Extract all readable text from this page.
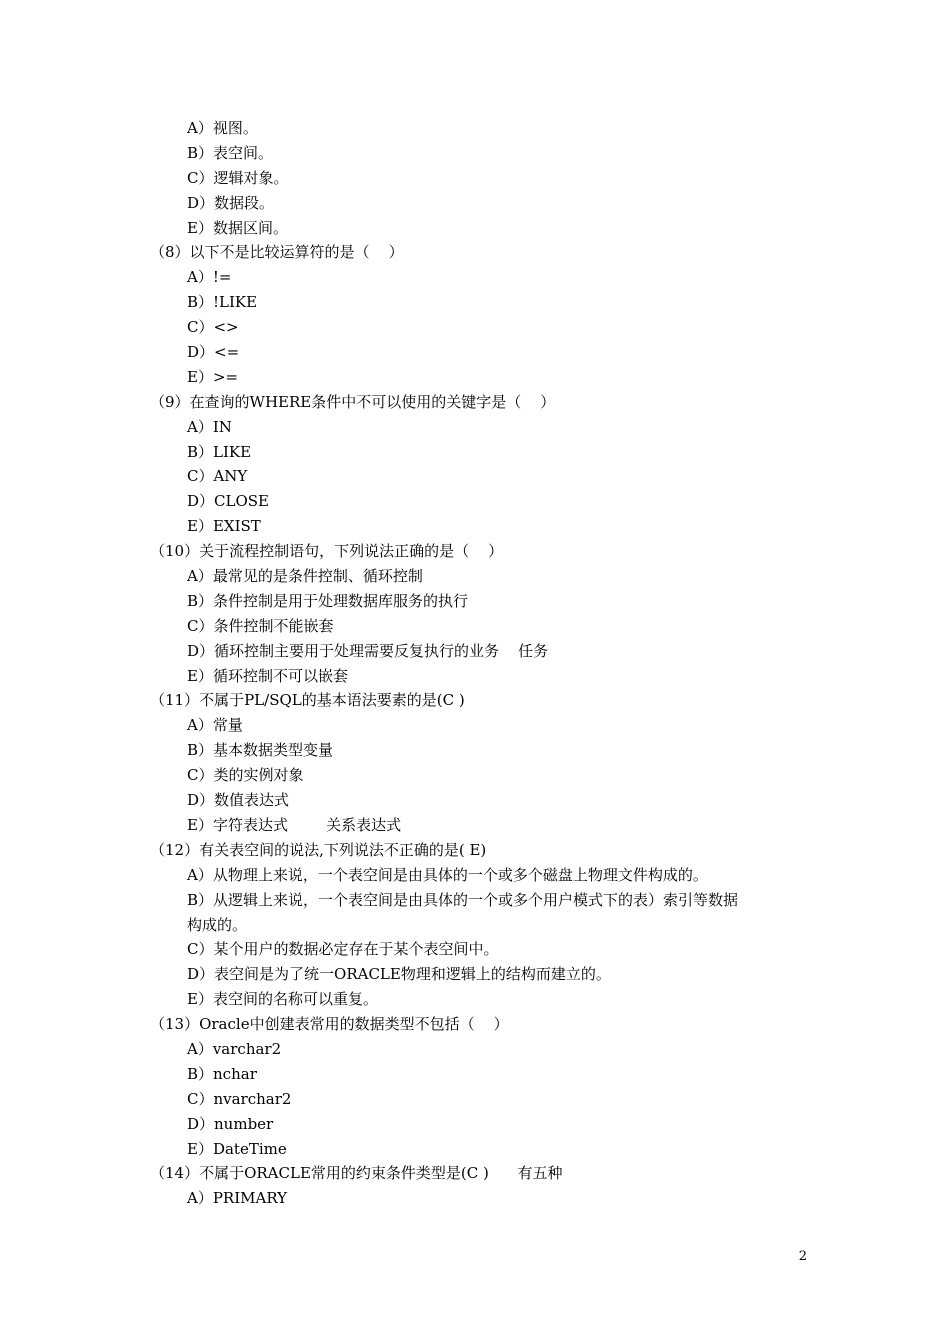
A）视图。
B）表空间。
C）逻辑对象。
D）数据段。
E）数据区间。
（8）以下不是比较运算符的是（    ）
A）!=
B）!LIKE
C）<>
D）<=
E）>=
（9）在查询的WHERE条件中不可以使用的关键字是（    ）
A）IN
B）LIKE
C）ANY
D）CLOSE
E）EXIST
（10）关于流程控制语句，下列说法正确的是（    ）
A）最常见的是条件控制、循环控制
B）条件控制是用于处理数据库服务的执行
C）条件控制不能嵌套
D）循环控制主要用于处理需要反复执行的业务    任务
E）循环控制不可以嵌套
（11）不属于PL/SQL的基本语法要素的是(C )
A）常量
B）基本数据类型变量
C）类的实例对象
D）数值表达式
E）字符表达式        关系表达式
（12）有关表空间的说法,下列说法不正确的是( E)
A）从物理上来说，一个表空间是由具体的一个或多个磁盘上物理文件构成的。
B）从逻辑上来说，一个表空间是由具体的一个或多个用户模式下的表）索引等数据
构成的。
C）某个用户的数据必定存在于某个表空间中。
D）表空间是为了统一ORACLE物理和逻辑上的结构而建立的。
E）表空间的名称可以重复。
（13）Oracle中创建表常用的数据类型不包括（    ）
A）varchar2
B）nchar
C）nvarchar2
D）number
E）DateTime
（14）不属于ORACLE常用的约束条件类型是(C )      有五种
A）PRIMARY
2
